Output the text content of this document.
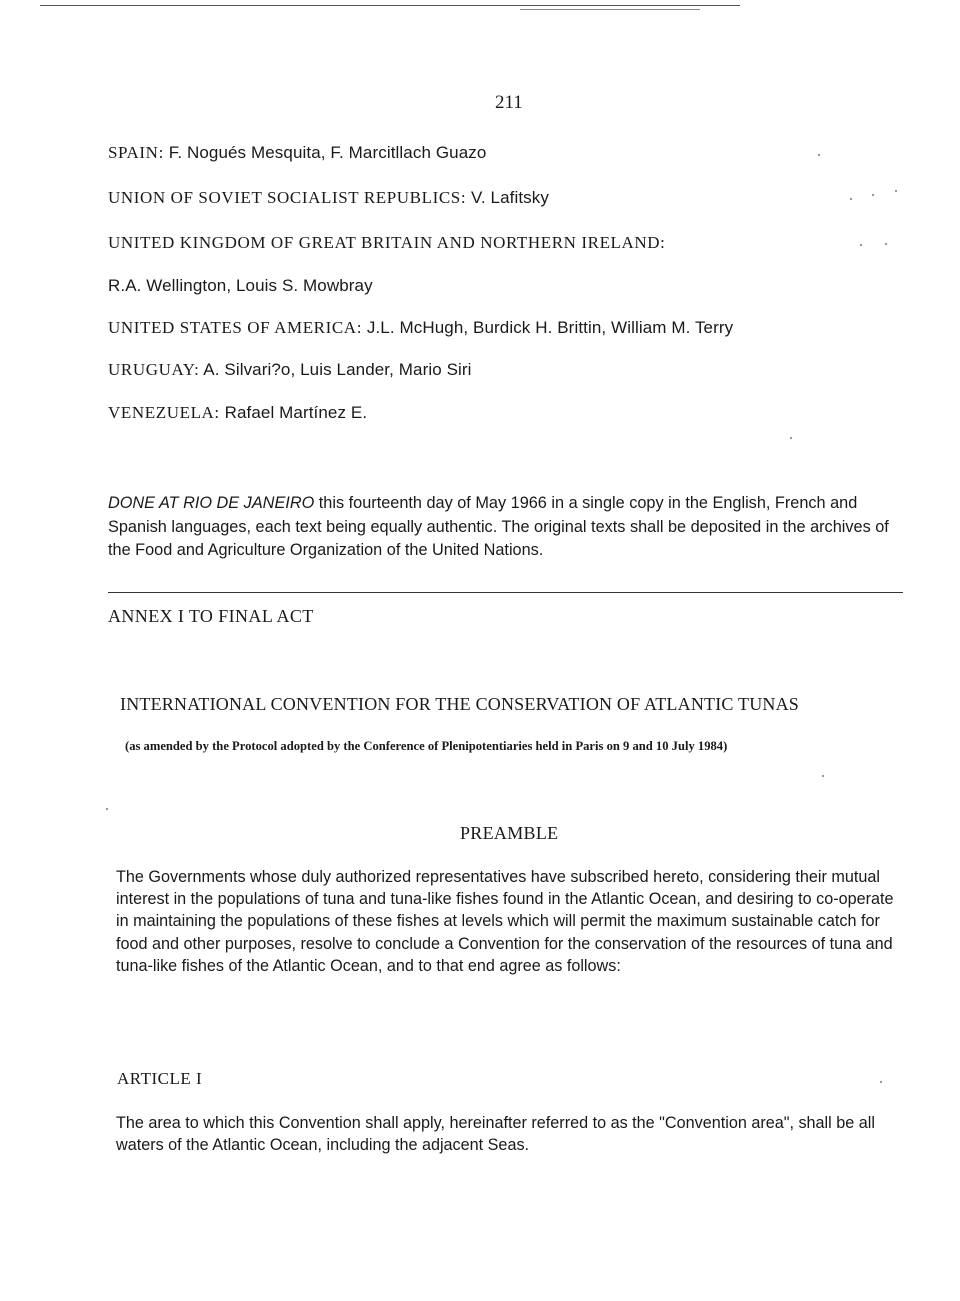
211

SPAIN: F. Nogués Mesquita, F. Marcitllach Guazo

UNION OF SOVIET SOCIALIST REPUBLICS: V. Lafitsky

UNITED KINGDOM OF GREAT BRITAIN AND NORTHERN IRELAND:

R.A. Wellington, Louis S. Mowbray

UNITED STATES OF AMERICA: J.L. McHugh, Burdick H. Brittin, William M. Terry

URUGUAY: A. Silvari?o, Luis Lander, Mario Siri

VENEZUELA: Rafael Martínez E.

DONE AT RIO DE JANEIRO this fourteenth day of May 1966 in a single copy in the English, French and Spanish languages, each text being equally authentic. The original texts shall be deposited in the archives of the Food and Agriculture Organization of the United Nations.

ANNEX I TO FINAL ACT

INTERNATIONAL CONVENTION FOR THE CONSERVATION OF ATLANTIC TUNAS

(as amended by the Protocol adopted by the Conference of Plenipotentiaries held in Paris on 9 and 10 July 1984)

PREAMBLE

The Governments whose duly authorized representatives have subscribed hereto, considering their mutual interest in the populations of tuna and tuna-like fishes found in the Atlantic Ocean, and desiring to co-operate in maintaining the populations of these fishes at levels which will permit the maximum sustainable catch for food and other purposes, resolve to conclude a Convention for the conservation of the resources of tuna and tuna-like fishes of the Atlantic Ocean, and to that end agree as follows:

ARTICLE I

The area to which this Convention shall apply, hereinafter referred to as the "Convention area", shall be all waters of the Atlantic Ocean, including the adjacent Seas.
